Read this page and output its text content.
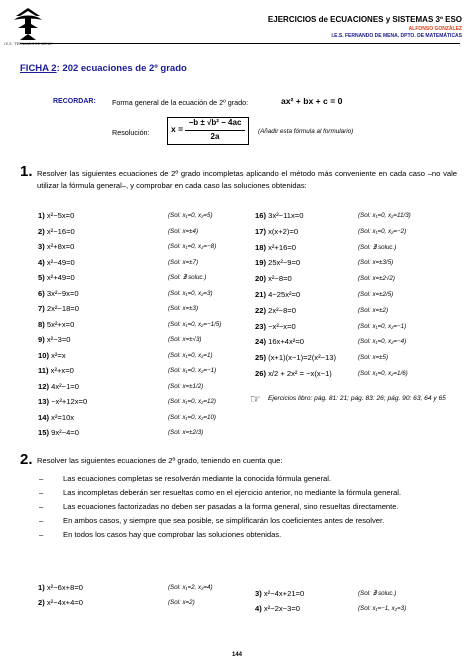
I.E.S. "FERNANDO DE MENA"
EJERCICIOS de ECUACIONES y SISTEMAS 3º ESO
ALFONSO GONZÁLEZ
I.E.S. FERNANDO DE MENA. DPTO. DE MATEMÁTICAS
FICHA 2: 202 ecuaciones de 2º grado
RECORDAR: Forma general de la ecuación de 2º grado:	ax² + bx + c = 0
Resolución:	x =
−b ± √b² − 4ac
2a
(Añadir esta fórmula al formulario)
1. Resolver las siguientes ecuaciones de 2º grado incompletas aplicando el método más conveniente en cada caso –no vale utilizar la fórmula general–, y comprobar en cada caso las soluciones obtenidas:
1) x²−5x=0	(Sol: x₁=0, x₂=5)
2) x²−16=0	(Sol: x=±4)
3) x²+8x=0	(Sol: x₁=0, x₂=−8)
4) x²−49=0	(Sol: x=±7)
5) x²+49=0	(Sol: ∄ soluc.)
6) 3x²−9x=0	(Sol: x₁=0, x₂=3)
7) 2x²−18=0	(Sol: x=±3)
8) 5x²+x=0	(Sol: x₁=0, x₂=−1/5)
9) x²−3=0	(Sol: x=±√3)
10) x²=x	(Sol: x₁=0, x₂=1)
11) x²+x=0	(Sol: x₁=0, x₂=−1)
12) 4x²−1=0	(Sol: x=±1/2)
13) −x²+12x=0	(Sol: x₁=0, x₂=12)
14) x²=10x	(Sol: x₁=0, x₂=10)
15) 9x²−4=0	(Sol: x=±2/3)
16) 3x²−11x=0	(Sol: x₁=0, x₂=11/3)
17) x(x+2)=0	(Sol: x₁=0, x₂=−2)
18) x²+16=0	(Sol: ∄ soluc.)
19) 25x²−9=0	(Sol: x=±3/5)
20) x²−8=0	(Sol: x=±2√2)
21) 4−25x²=0	(Sol: x=±2/5)
22) 2x²−8=0	(Sol: x=±2)
23) −x²−x=0	(Sol: x₁=0, x₂=−1)
24) 16x+4x²=0	(Sol: x₁=0, x₂=−4)
25) (x+1)(x−1)=2(x²−13)	(Sol: x=±5)
26) x/2 + 2x² = −x(x−1)	(Sol: x₁=0, x₂=1/6)
☞ Ejercicios libro: pág. 81: 21; pág. 83: 26; pág. 90: 63, 64 y 65
2. Resolver las siguientes ecuaciones de 2º grado, teniendo en cuenta que:
– Las ecuaciones completas se resolverán mediante la conocida fórmula general.
– Las incompletas deberán ser resueltas como en el ejercicio anterior, no mediante la fórmula general.
– Las ecuaciones factorizadas no deben ser pasadas a la forma general, sino resueltas directamente.
– En ambos casos, y siempre que sea posible, se simplificarán los coeficientes antes de resolver.
– En todos los casos hay que comprobar las soluciones obtenidas.
1) x²−6x+8=0	(Sol: x₁=2, x₂=4)
2) x²−4x+4=0	(Sol: x=2)
3) x²−4x+21=0	(Sol: ∄ soluc.)
4) x²−2x−3=0	(Sol: x₁=−1, x₂=3)
144
